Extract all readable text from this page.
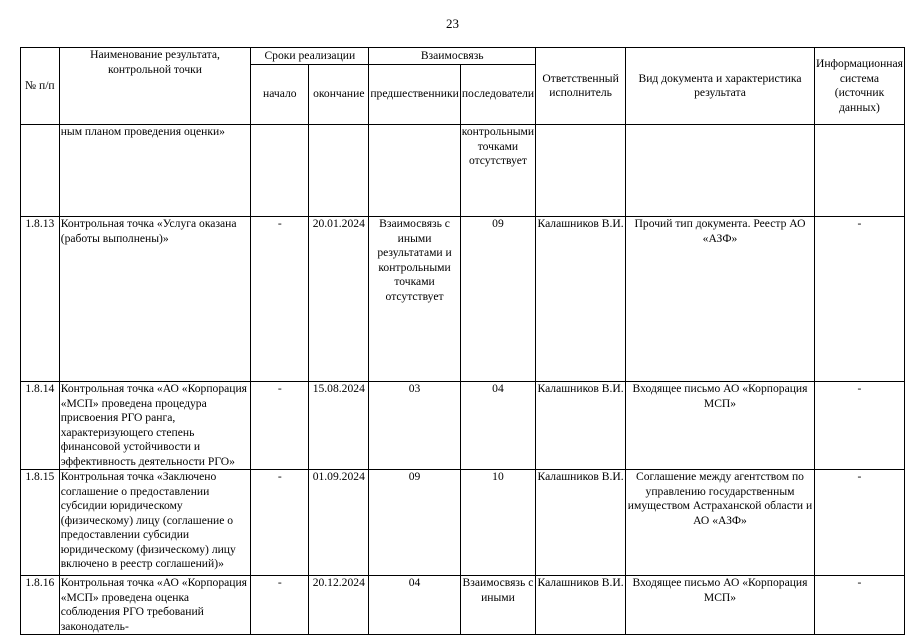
23
№ п/п	Наименование результата, контрольной точки	Сроки реализации		Взаимосвязь		Ответственный исполнитель	Вид документа и характеристика результата	Информационная система (источник данных)
		начало	окончание	предшественники	последователи			
	ным планом проведения оценки»				контрольными точками отсутствует			
1.8.13	Контрольная точка «Услуга оказана (работы выполнены)»	-	20.01.2024	Взаимосвязь с иными результатами и контрольными точками отсутствует	09	Калашников В.И.	Прочий тип документа. Реестр АО «АЗФ»	-
1.8.14	Контрольная точка «АО «Корпорация «МСП» проведена процедура присвоения РГО ранга, характеризующего степень финансовой устойчивости и эффективность деятельности РГО»	-	15.08.2024	03	04	Калашников В.И.	Входящее письмо АО «Корпорация МСП»	-
1.8.15	Контрольная точка «Заключено соглашение о предоставлении субсидии юридическому (физическому) лицу (соглашение о предоставлении субсидии юридическому (физическому) лицу включено в реестр соглашений)»	-	01.09.2024	09	10	Калашников В.И.	Соглашение между агентством по управлению государственным имуществом Астраханской области и АО «АЗФ»	-
1.8.16	Контрольная точка «АО «Корпорация «МСП» проведена оценка соблюдения РГО требований законодатель-	-	20.12.2024	04	Взаимосвязь с иными	Калашников В.И.	Входящее письмо АО «Корпорация МСП»	-
